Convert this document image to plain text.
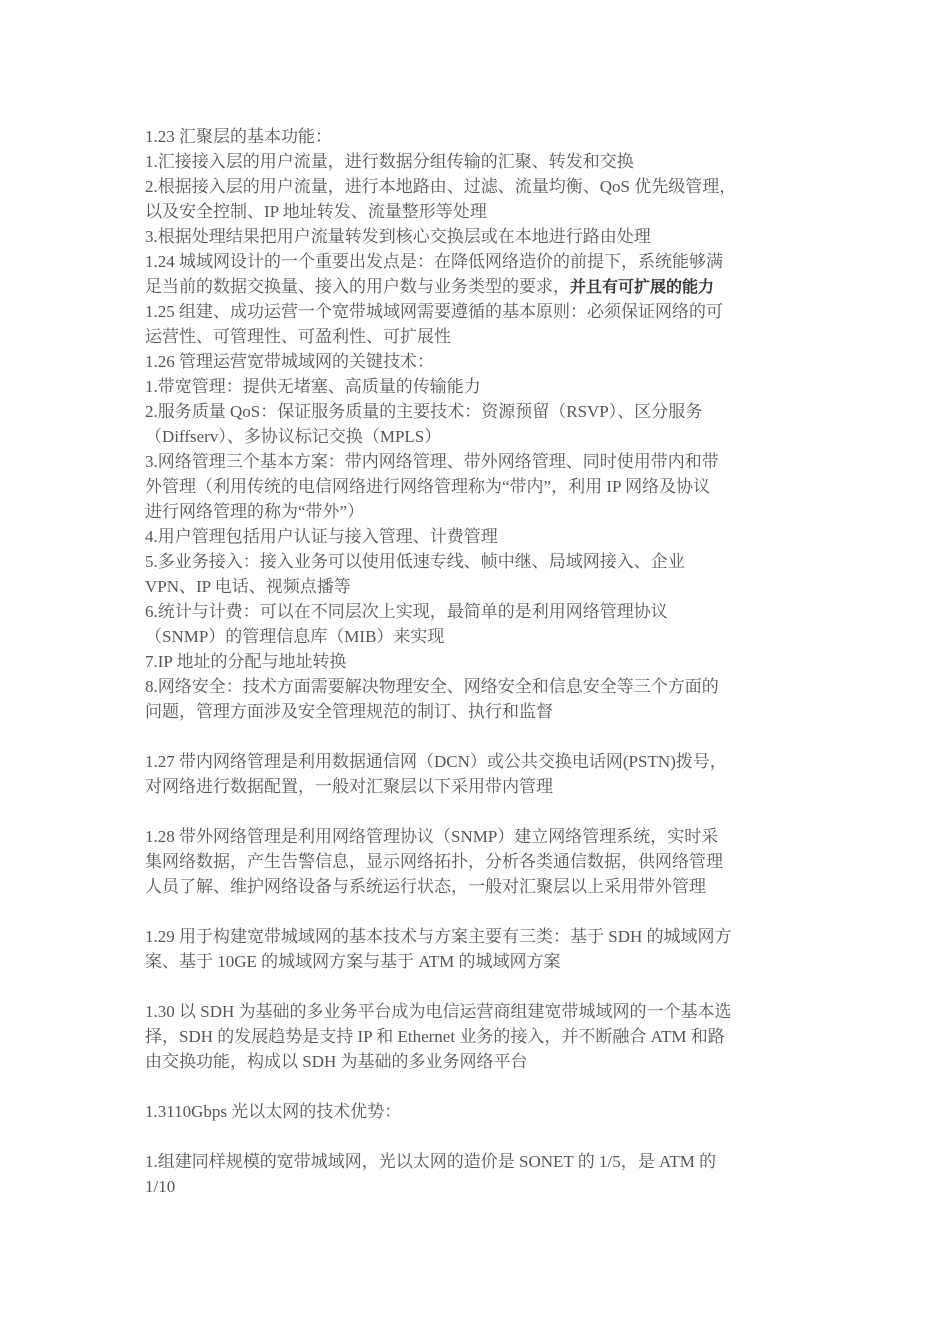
1.23 汇聚层的基本功能：
1.汇接接入层的用户流量，进行数据分组传输的汇聚、转发和交换
2.根据接入层的用户流量，进行本地路由、过滤、流量均衡、QoS 优先级管理，
以及安全控制、IP 地址转发、流量整形等处理
3.根据处理结果把用户流量转发到核心交换层或在本地进行路由处理
1.24 城域网设计的一个重要出发点是：在降低网络造价的前提下，系统能够满
足当前的数据交换量、接入的用户数与业务类型的要求，并且有可扩展的能力
1.25 组建、成功运营一个宽带城域网需要遵循的基本原则：必须保证网络的可
运营性、可管理性、可盈利性、可扩展性
1.26 管理运营宽带城域网的关键技术：
1.带宽管理：提供无堵塞、高质量的传输能力
2.服务质量 QoS：保证服务质量的主要技术：资源预留（RSVP）、区分服务
（Diffserv）、多协议标记交换（MPLS）
3.网络管理三个基本方案：带内网络管理、带外网络管理、同时使用带内和带
外管理（利用传统的电信网络进行网络管理称为“带内”，利用 IP 网络及协议
进行网络管理的称为“带外”）
4.用户管理包括用户认证与接入管理、计费管理
5.多业务接入：接入业务可以使用低速专线、帧中继、局域网接入、企业
VPN、IP 电话、视频点播等
6.统计与计费：可以在不同层次上实现，最简单的是利用网络管理协议
（SNMP）的管理信息库（MIB）来实现
7.IP 地址的分配与地址转换
8.网络安全：技术方面需要解决物理安全、网络安全和信息安全等三个方面的
问题，管理方面涉及安全管理规范的制订、执行和监督
1.27 带内网络管理是利用数据通信网（DCN）或公共交换电话网(PSTN)拨号，
对网络进行数据配置，一般对汇聚层以下采用带内管理
1.28 带外网络管理是利用网络管理协议（SNMP）建立网络管理系统，实时采
集网络数据，产生告警信息，显示网络拓扑，分析各类通信数据，供网络管理
人员了解、维护网络设备与系统运行状态，一般对汇聚层以上采用带外管理
1.29 用于构建宽带城域网的基本技术与方案主要有三类：基于 SDH 的城域网方
案、基于 10GE 的城域网方案与基于 ATM 的城域网方案
1.30 以 SDH 为基础的多业务平台成为电信运营商组建宽带城域网的一个基本选
择，SDH 的发展趋势是支持 IP 和 Ethernet 业务的接入，并不断融合 ATM 和路
由交换功能，构成以 SDH 为基础的多业务网络平台
1.3110Gbps 光以太网的技术优势：
1.组建同样规模的宽带城域网，光以太网的造价是 SONET 的 1/5，是 ATM 的
1/10
